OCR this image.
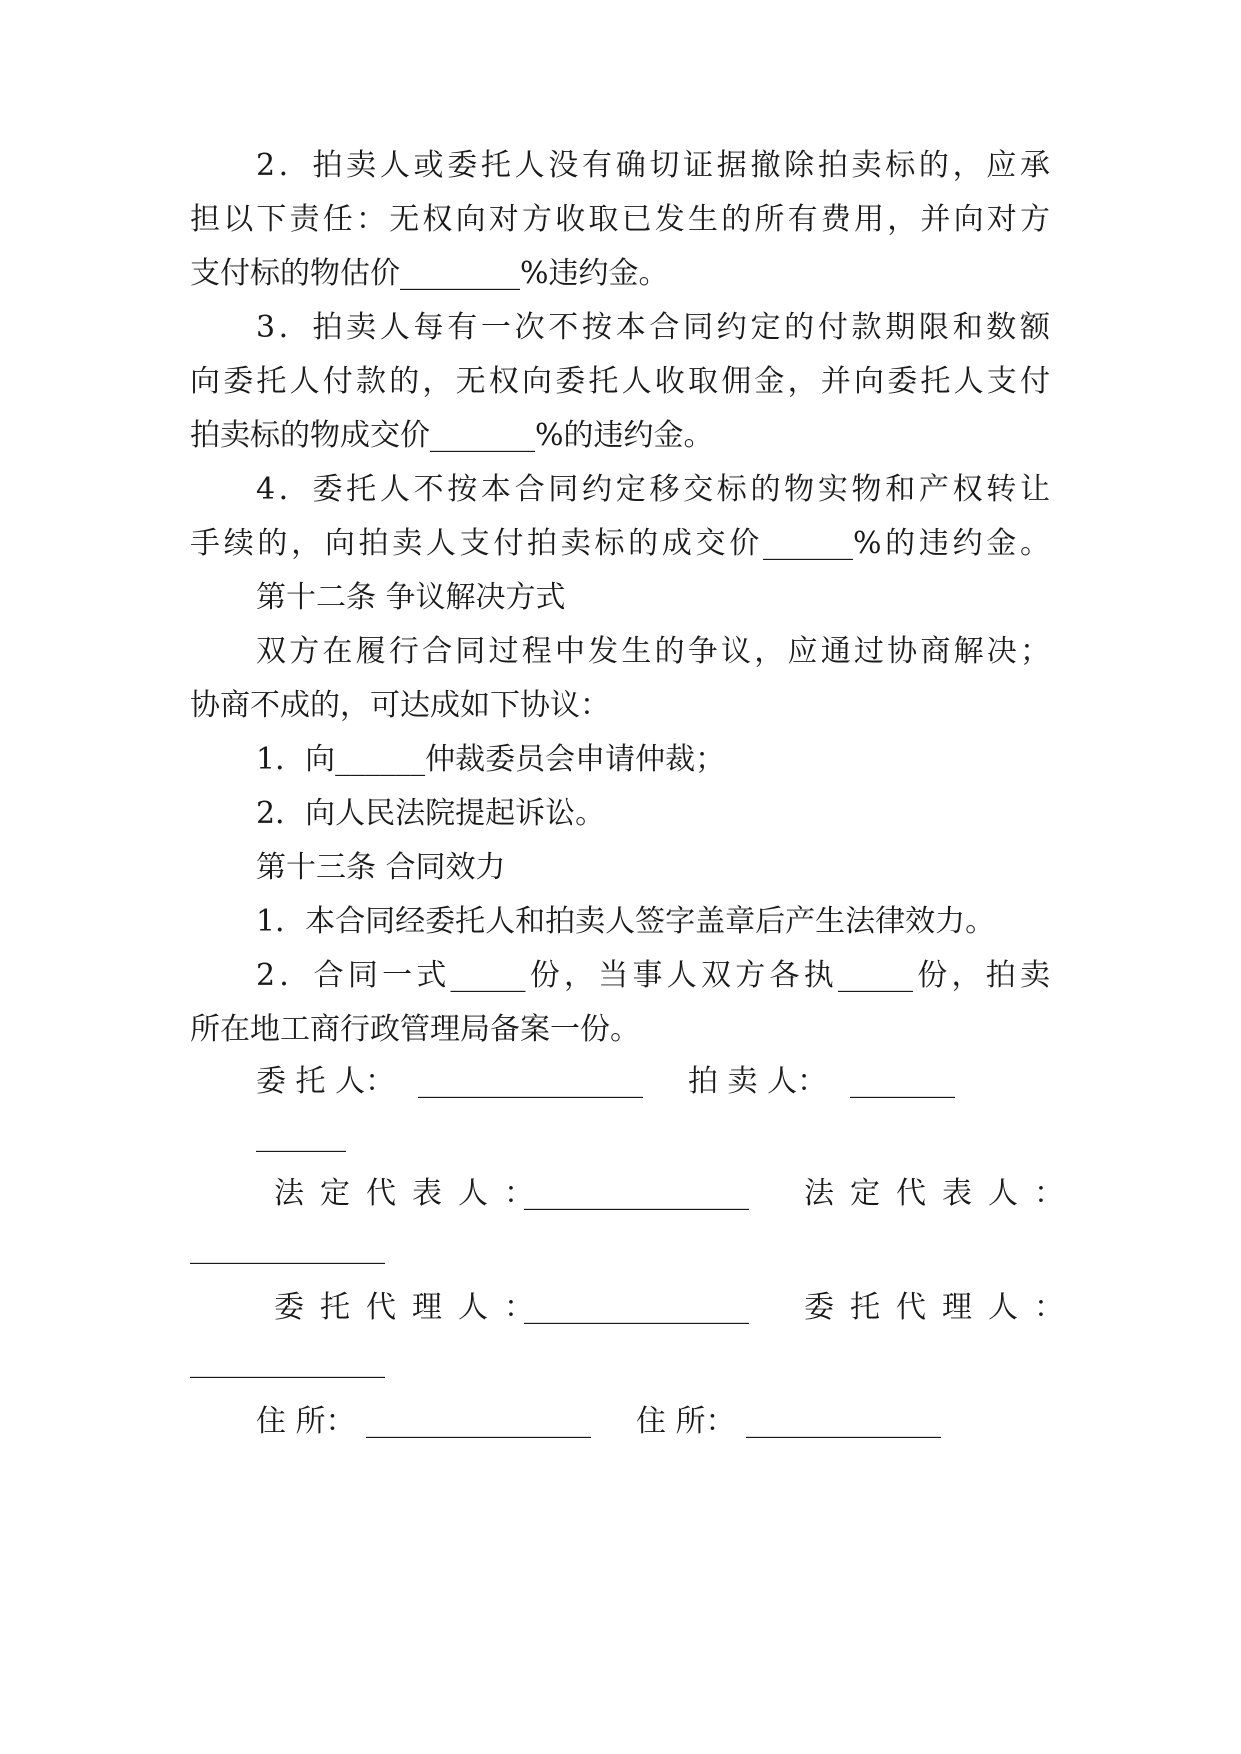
2．拍卖人或委托人没有确切证据撤除拍卖标的，应承

担以下责任：无权向对方收取已发生的所有费用，并向对方

支付标的物估价________%违约金。

3．拍卖人每有一次不按本合同约定的付款期限和数额

向委托人付款的，无权向委托人收取佣金，并向委托人支付

拍卖标的物成交价_______%的违约金。

4．委托人不按本合同约定移交标的物实物和产权转让

手续的，向拍卖人支付拍卖标的成交价______%的违约金。

第十二条 争议解决方式

双方在履行合同过程中发生的争议，应通过协商解决；

协商不成的，可达成如下协议：

1．向______仲裁委员会申请仲裁；

2．向人民法院提起诉讼。

第十三条 合同效力

1．本合同经委托人和拍卖人签字盖章后产生法律效力。

2．合同一式_____份，当事人双方各执_____份，拍卖

所在地工商行政管理局备案一份。

委 托 人： _______________ 拍 卖 人： _______
______
法定代表人：
_______________ 法定代表人：
_____________
委托代理人：
_______________ 委托代理人：
_____________
住 所： _______________ 住 所： _____________
